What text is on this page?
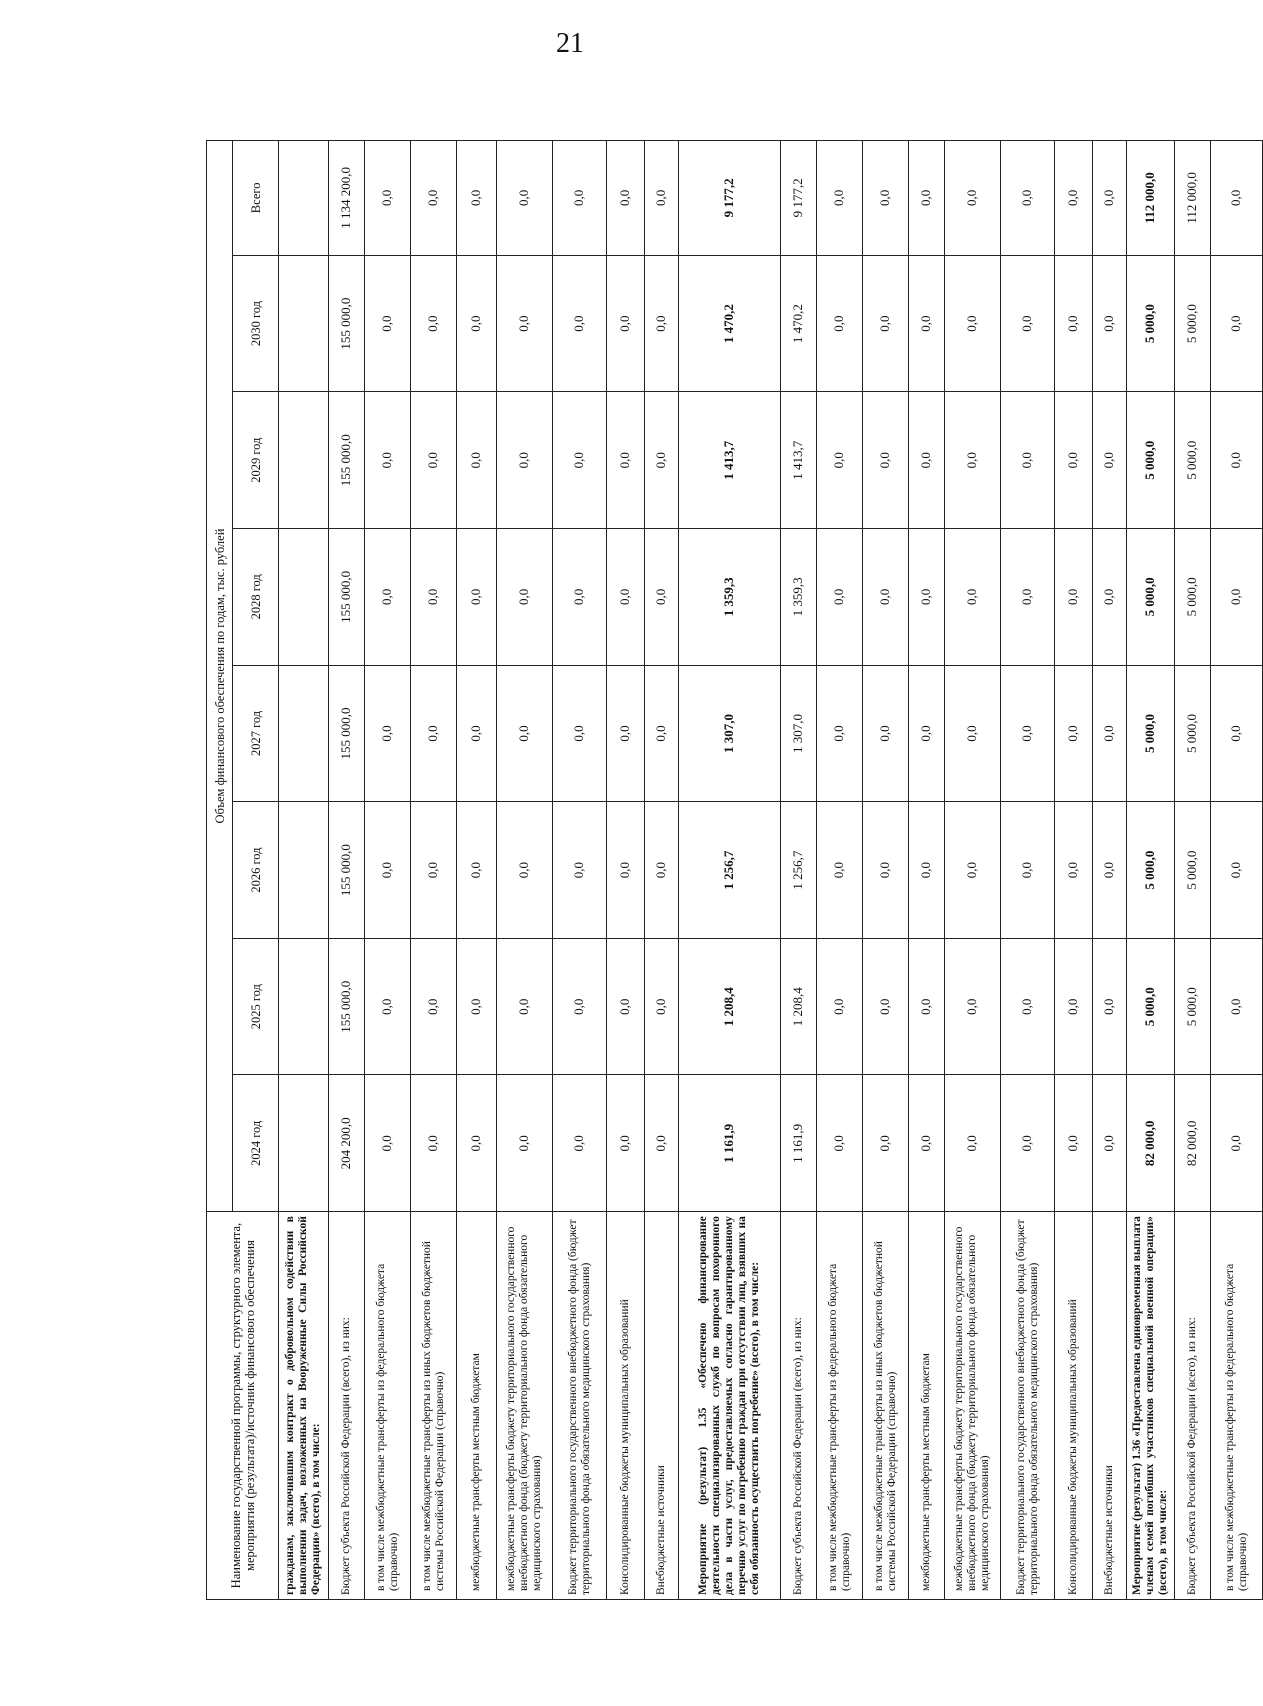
21
Наименование государственной программы, структурного элемента, мероприятия (результата)/источник финансового обеспечения	Объем финансового обеспечения по годам, тыс. рублей							
	2024 год	2025 год	2026 год	2027 год	2028 год	2029 год	2030 год	Всего
гражданам, заключившим контракт о добровольном содействии в выполнении задач, возложенных на Вооруженные Силы Российской Федерации» (всего), в том числе:								
Бюджет субъекта Российской Федерации (всего), из них:	204 200,0	155 000,0	155 000,0	155 000,0	155 000,0	155 000,0	155 000,0	1 134 200,0
в том числе межбюджетные трансферты из федерального бюджета (справочно)	0,0	0,0	0,0	0,0	0,0	0,0	0,0	0,0
в том числе межбюджетные трансферты из иных бюджетов бюджетной системы Российской Федерации (справочно)	0,0	0,0	0,0	0,0	0,0	0,0	0,0	0,0
межбюджетные трансферты местным бюджетам	0,0	0,0	0,0	0,0	0,0	0,0	0,0	0,0
межбюджетные трансферты бюджету территориального государственного внебюджетного фонда (бюджету территориального фонда обязательного медицинского страхования)	0,0	0,0	0,0	0,0	0,0	0,0	0,0	0,0
Бюджет территориального государственного внебюджетного фонда (бюджет территориального фонда обязательного медицинского страхования)	0,0	0,0	0,0	0,0	0,0	0,0	0,0	0,0
Консолидированные бюджеты муниципальных образований	0,0	0,0	0,0	0,0	0,0	0,0	0,0	0,0
Внебюджетные источники	0,0	0,0	0,0	0,0	0,0	0,0	0,0	0,0
Мероприятие (результат) 1.35 «Обеспечено финансирование деятельности специализированных служб по вопросам похоронного дела в части услуг, предоставляемых согласно гарантированному перечню услуг по погребению граждан при отсутствии лиц, взявших на себя обязанность осуществить погребение» (всего), в том числе:	1 161,9	1 208,4	1 256,7	1 307,0	1 359,3	1 413,7	1 470,2	9 177,2
Бюджет субъекта Российской Федерации (всего), из них:	1 161,9	1 208,4	1 256,7	1 307,0	1 359,3	1 413,7	1 470,2	9 177,2
в том числе межбюджетные трансферты из федерального бюджета (справочно)	0,0	0,0	0,0	0,0	0,0	0,0	0,0	0,0
в том числе межбюджетные трансферты из иных бюджетов бюджетной системы Российской Федерации (справочно)	0,0	0,0	0,0	0,0	0,0	0,0	0,0	0,0
межбюджетные трансферты местным бюджетам	0,0	0,0	0,0	0,0	0,0	0,0	0,0	0,0
межбюджетные трансферты бюджету территориального государственного внебюджетного фонда (бюджету территориального фонда обязательного медицинского страхования)	0,0	0,0	0,0	0,0	0,0	0,0	0,0	0,0
Бюджет территориального государственного внебюджетного фонда (бюджет территориального фонда обязательного медицинского страхования)	0,0	0,0	0,0	0,0	0,0	0,0	0,0	0,0
Консолидированные бюджеты муниципальных образований	0,0	0,0	0,0	0,0	0,0	0,0	0,0	0,0
Внебюджетные источники	0,0	0,0	0,0	0,0	0,0	0,0	0,0	0,0
Мероприятие (результат) 1.36 «Предоставлена единовременная выплата членам семей погибших участников специальной военной операции» (всего), в том числе:	82 000,0	5 000,0	5 000,0	5 000,0	5 000,0	5 000,0	5 000,0	112 000,0
Бюджет субъекта Российской Федерации (всего), из них:	82 000,0	5 000,0	5 000,0	5 000,0	5 000,0	5 000,0	5 000,0	112 000,0
в том числе межбюджетные трансферты из федерального бюджета (справочно)	0,0	0,0	0,0	0,0	0,0	0,0	0,0	0,0
